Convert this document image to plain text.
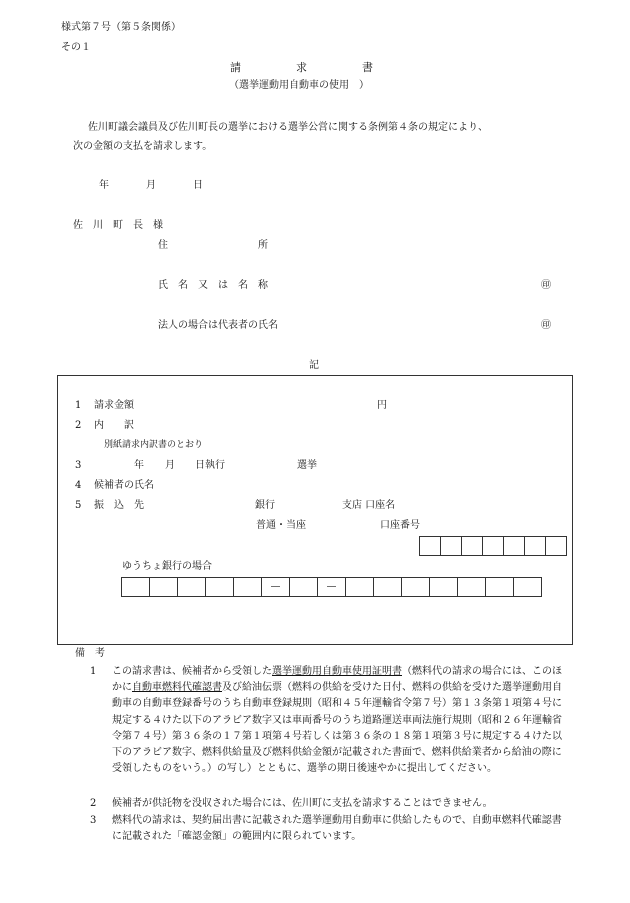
様式第７号（第５条関係）
その１
請　　　　　求　　　　　書
（選挙運動用自動車の使用　）
佐川町議会議員及び佐川町長の選挙における選挙公営に関する条例第４条の規定により、
次の金額の支払を請求します。
年	月	日
佐　川　町　長　様
住　　　　　　　　　所
氏　名　又　は　名　称	㊞
法人の場合は代表者の氏名	㊞
記
1 請求金額	円
2 内　　訳
別紙請求内訳書のとおり
3	年 月 日執行	選挙
4 候補者の氏名
5 振　込　先	銀行	支店 口座名
普通・当座	口座番号
ゆうちょ銀行の場合
―	―
備　考
1 この請求書は、候補者から受領した選挙運動用自動車使用証明書（燃料代の請求の場合には、このほかに自動車燃料代確認書及び給油伝票（燃料の供給を受けた日付、燃料の供給を受けた選挙運動用自動車の自動車登録番号のうち自動車登録規則（昭和４５年運輸省令第７号）第１３条第１項第４号に規定する４けた以下のアラビア数字又は車両番号のうち道路運送車両法施行規則（昭和２６年運輸省令第７４号）第３６条の１７第１項第４号若しくは第３６条の１８第１項第３号に規定する４けた以下のアラビア数字、燃料供給量及び燃料供給金額が記載された書面で、燃料供給業者から給油の際に受領したものをいう。）の写し）とともに、選挙の期日後速やかに提出してください。
2 候補者が供託物を没収された場合には、佐川町に支払を請求することはできません。
3 燃料代の請求は、契約届出書に記載された選挙運動用自動車に供給したもので、自動車燃料代確認書に記載された「確認金額」の範囲内に限られています。
